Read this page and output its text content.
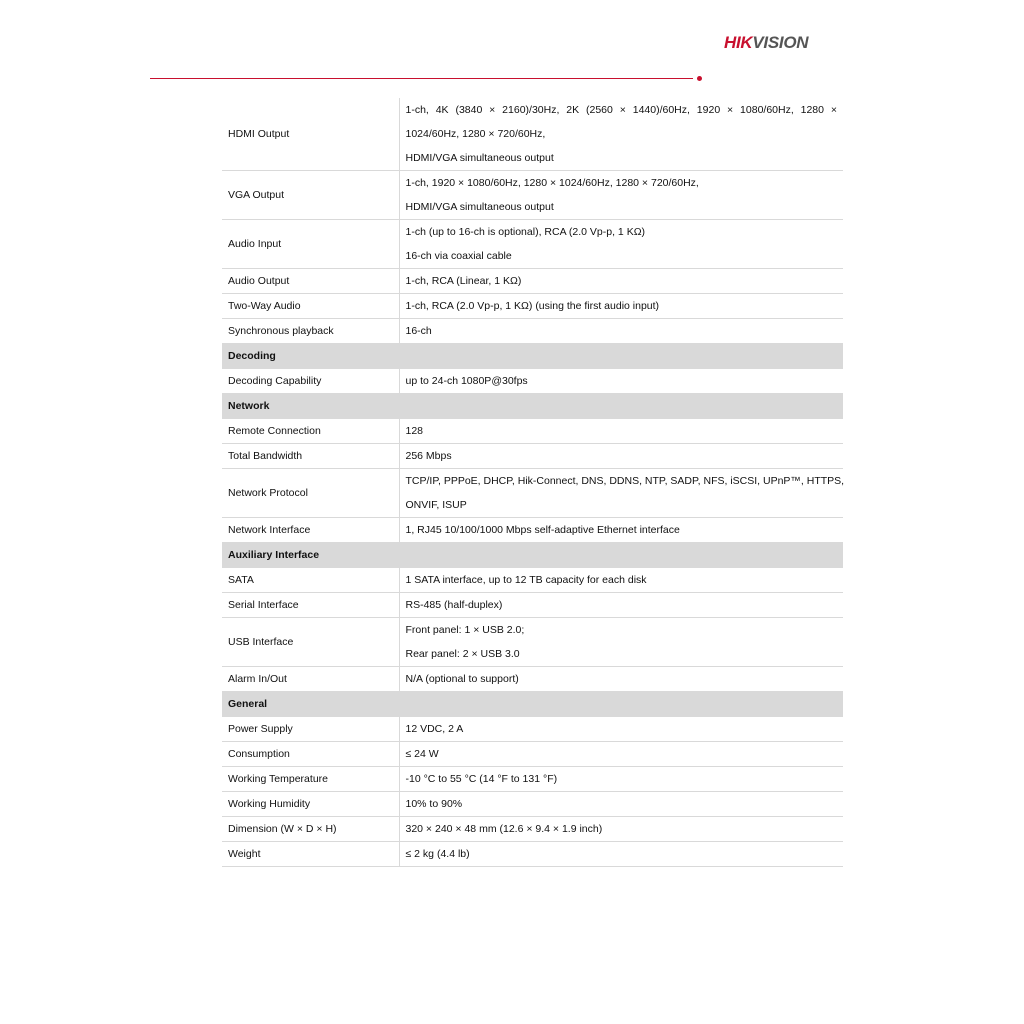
HIKVISION
HDMI Output	1-ch, 4K (3840 × 2160)/30Hz, 2K (2560 × 1440)/60Hz, 1920 × 1080/60Hz, 1280 ×
1024/60Hz, 1280 × 720/60Hz,
HDMI/VGA simultaneous output

VGA Output	1-ch, 1920 × 1080/60Hz, 1280 × 1024/60Hz, 1280 × 720/60Hz,
HDMI/VGA simultaneous output

Audio Input	1-ch (up to 16-ch is optional), RCA (2.0 Vp-p, 1 KΩ)
16-ch via coaxial cable

Audio Output	1-ch, RCA (Linear, 1 KΩ)

Two-Way Audio	1-ch, RCA (2.0 Vp-p, 1 KΩ) (using the first audio input)

Synchronous playback	16-ch

Decoding	
Decoding Capability	up to 24-ch 1080P@30fps

Network	
Remote Connection	128

Total Bandwidth	256 Mbps

Network Protocol	TCP/IP, PPPoE, DHCP, Hik-Connect, DNS, DDNS, NTP, SADP, NFS, iSCSI, UPnP™, HTTPS,
ONVIF, ISUP

Network Interface	1, RJ45 10/100/1000 Mbps self-adaptive Ethernet interface

Auxiliary Interface	
SATA	1 SATA interface, up to 12 TB capacity for each disk

Serial Interface	RS-485 (half-duplex)

USB Interface	Front panel: 1 × USB 2.0;
Rear panel: 2 × USB 3.0

Alarm In/Out	N/A (optional to support)

General	
Power Supply	12 VDC, 2 A

Consumption	≤ 24 W

Working Temperature	-10 °C to 55 °C (14 °F to 131 °F)

Working Humidity	10% to 90%

Dimension (W × D × H)	320 × 240 × 48 mm (12.6 × 9.4 × 1.9 inch)

Weight	≤ 2 kg (4.4 lb)
